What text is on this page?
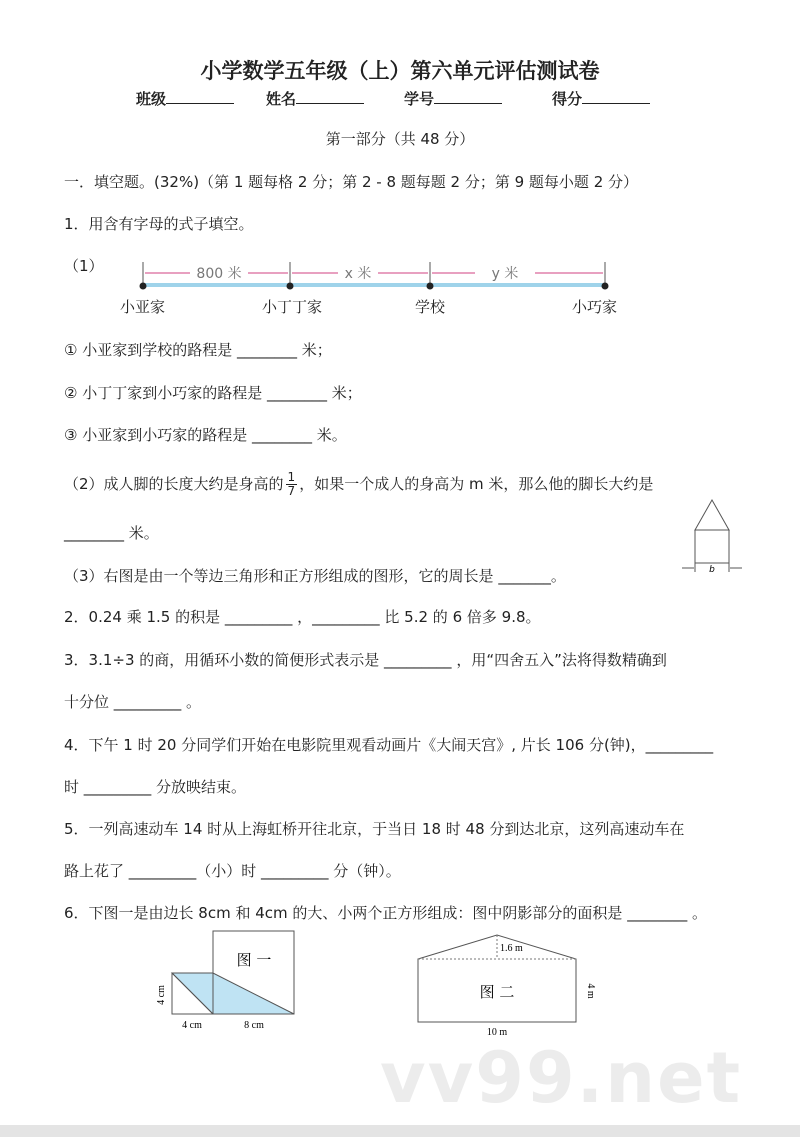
vv99.net
小学数学五年级（上）第六单元评估测试卷
班级	姓名	学号	得分
第一部分（共 48 分）
一．填空题。(32%)（第 1 题每格 2 分；第 2 - 8 题每题 2 分；第 9 题每小题 2 分）
1．用含有字母的式子填空。
（1）	800 米	x 米	y 米
小亚家	小丁丁家	学校	小巧家
① 小亚家到学校的路程是 ________ 米；
② 小丁丁家到小巧家的路程是 ________ 米；
③ 小亚家到小巧家的路程是 ________ 米。
（2）成人脚的长度大约是身高的 $\frac{1}{7}$ ，如果一个成人的身高为 m 米，那么他的脚长大约是
________ 米。
（3）右图是由一个等边三角形和正方形组成的图形，它的周长是 _______。	b
2．0.24 乘 1.5 的积是 _________ ，_________ 比 5.2 的 6 倍多 9.8。
3．3.1÷3 的商，用循环小数的简便形式表示是 _________ ，用“四舍五入”法将得数精确到
十分位 _________ 。
4．下午 1 时 20 分同学们开始在电影院里观看动画片《大闹天宫》, 片长 106 分(钟)，_________
时 _________ 分放映结束。
5．一列高速动车 14 时从上海虹桥开往北京，于当日 18 时 48 分到达北京，这列高速动车在
路上花了 _________（小）时 _________ 分（钟）。
6．下图一是由边长 8cm 和 4cm 的大、小两个正方形组成：图中阴影部分的面积是 ________ 。
4 cm
4 cm	8 cm
图 一
1.6 m
4 m
10 m
图 二
